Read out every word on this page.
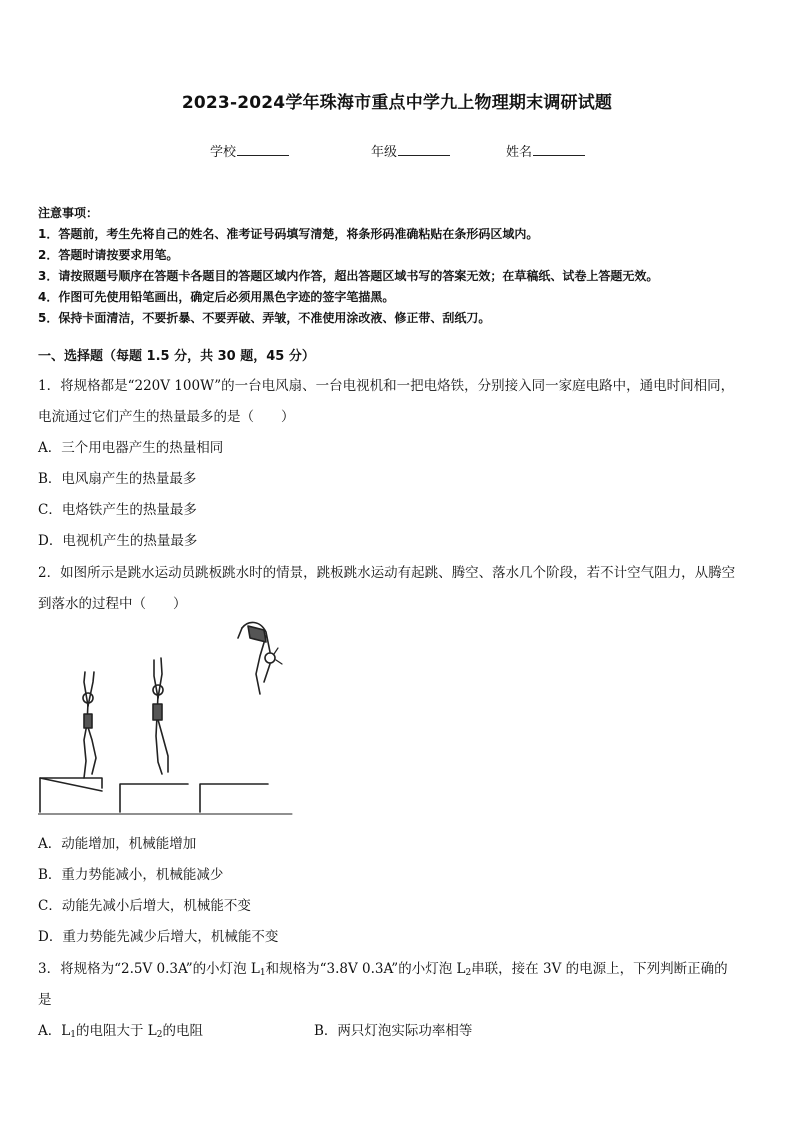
2023-2024学年珠海市重点中学九上物理期末调研试题
学校	年级	姓名
注意事项：
1．答题前，考生先将自己的姓名、准考证号码填写清楚，将条形码准确粘贴在条形码区域内。
2．答题时请按要求用笔。
3．请按照题号顺序在答题卡各题目的答题区域内作答，超出答题区域书写的答案无效；在草稿纸、试卷上答题无效。
4．作图可先使用铅笔画出，确定后必须用黑色字迹的签字笔描黑。
5．保持卡面清洁，不要折暴、不要弄破、弄皱，不准使用涂改液、修正带、刮纸刀。
一、选择题（每题 1.5 分，共 30 题，45 分）
1．将规格都是“220V 100W”的一台电风扇、一台电视机和一把电烙铁，分别接入同一家庭电路中，通电时间相同，
电流通过它们产生的热量最多的是（　　）
A．三个用电器产生的热量相同
B．电风扇产生的热量最多
C．电烙铁产生的热量最多
D．电视机产生的热量最多
2．如图所示是跳水运动员跳板跳水时的情景，跳板跳水运动有起跳、腾空、落水几个阶段，若不计空气阻力，从腾空
到落水的过程中（　　）
A．动能增加，机械能增加
B．重力势能减小，机械能减少
C．动能先减小后增大，机械能不变
D．重力势能先减少后增大，机械能不变
3．将规格为“2.5V 0.3A”的小灯泡 $L_1$和规格为“3.8V 0.3A”的小灯泡 $L_2$串联，接在 3V 的电源上，下列判断正确的
是
A．$L_1$的电阻大于 $L_2$的电阻	B．两只灯泡实际功率相等
